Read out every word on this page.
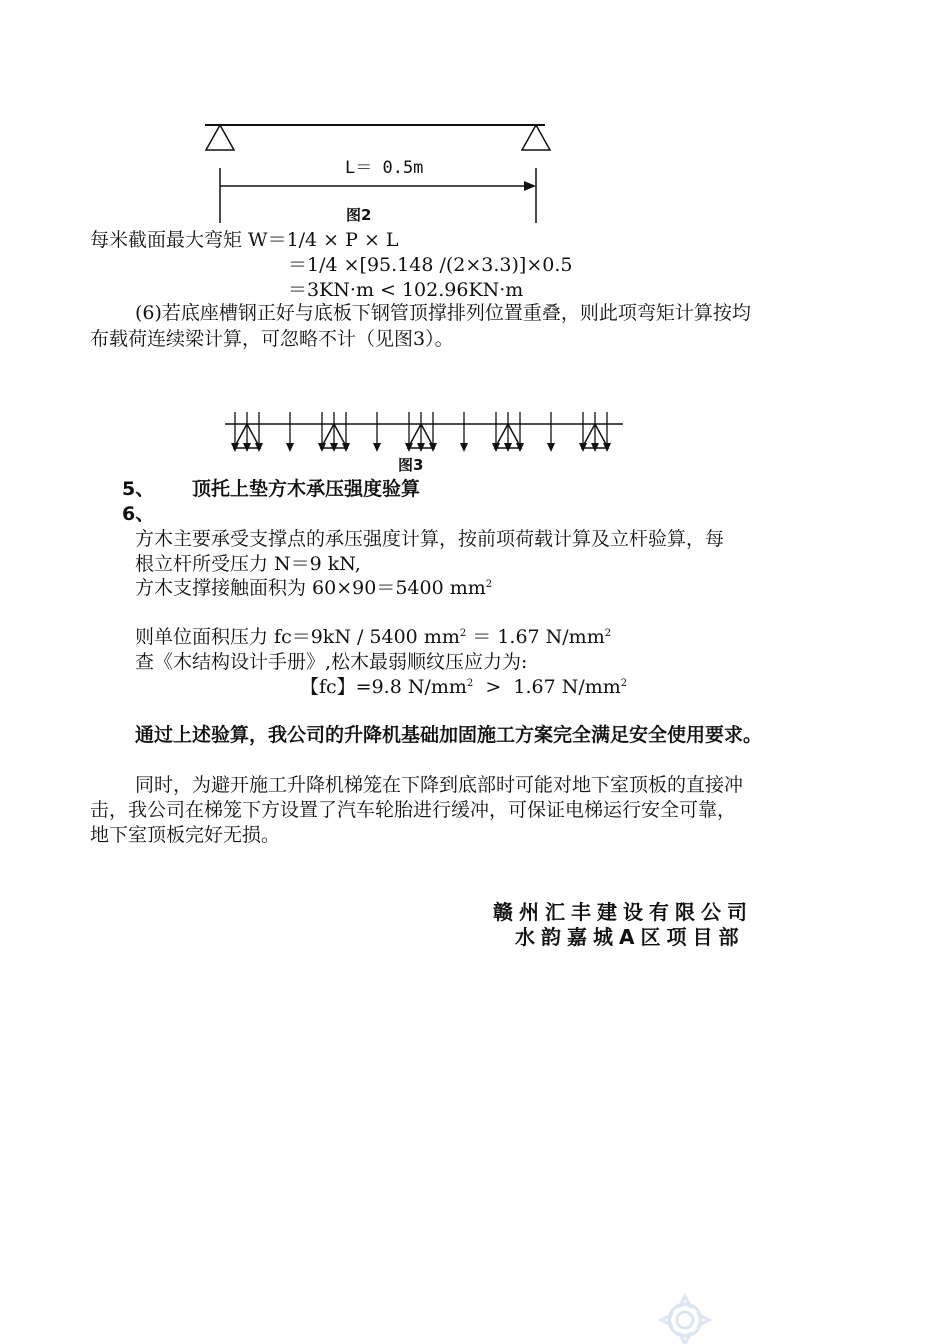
L＝ 0.5m
图2
每米截面最大弯矩 W＝1/4 × P × L
＝1/4 ×[95.148 /(2×3.3)]×0.5
＝3KN·m < 102.96KN·m
(6)若底座槽钢正好与底板下钢管顶撑排列位置重叠，则此项弯矩计算按均
布载荷连续梁计算，可忽略不计（见图3）。
图3
5、 顶托上垫方木承压强度验算
6、
方木主要承受支撑点的承压强度计算，按前项荷载计算及立杆验算，每
根立杆所受压力 N＝9 kN,
方木支撑接触面积为 60×90＝5400 $mm^2$
则单位面积压力 fc＝9kN / 5400 $mm^2 = 1.67$ $N/mm^2$
查《木结构设计手册》,松木最弱顺纹压应力为:
【fc】=9.8 $N/mm^2 > 1.67$ $N/mm^2$
通过上述验算，我公司的升降机基础加固施工方案完全满足安全使用要求。
同时，为避开施工升降机梯笼在下降到底部时可能对地下室顶板的直接冲
击，我公司在梯笼下方设置了汽车轮胎进行缓冲，可保证电梯运行安全可靠，
地下室顶板完好无损。
赣州汇丰建设有限公司
水韵嘉城A区项目部
